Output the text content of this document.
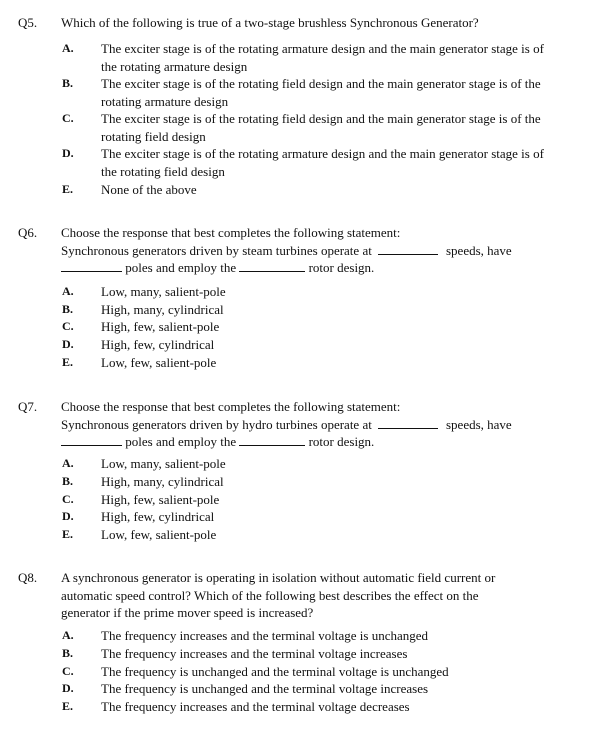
Q5. Which of the following is true of a two-stage brushless Synchronous Generator?
A. The exciter stage is of the rotating armature design and the main generator stage is of the rotating armature design
B. The exciter stage is of the rotating field design and the main generator stage is of the rotating armature design
C. The exciter stage is of the rotating field design and the main generator stage is of the rotating field design
D. The exciter stage is of the rotating armature design and the main generator stage is of the rotating field design
E. None of the above
Q6. Choose the response that best completes the following statement:
Synchronous generators driven by steam turbines operate at	speeds, have
poles and employ the	rotor design.
A. Low, many, salient-pole
B. High, many, cylindrical
C. High, few, salient-pole
D. High, few, cylindrical
E. Low, few, salient-pole
Q7. Choose the response that best completes the following statement:
Synchronous generators driven by hydro turbines operate at	speeds, have
poles and employ the	rotor design.
A. Low, many, salient-pole
B. High, many, cylindrical
C. High, few, salient-pole
D. High, few, cylindrical
E. Low, few, salient-pole
Q8. A synchronous generator is operating in isolation without automatic field current or automatic speed control? Which of the following best describes the effect on the generator if the prime mover speed is increased?
A. The frequency increases and the terminal voltage is unchanged
B. The frequency increases and the terminal voltage increases
C. The frequency is unchanged and the terminal voltage is unchanged
D. The frequency is unchanged and the terminal voltage increases
E. The frequency increases and the terminal voltage decreases
